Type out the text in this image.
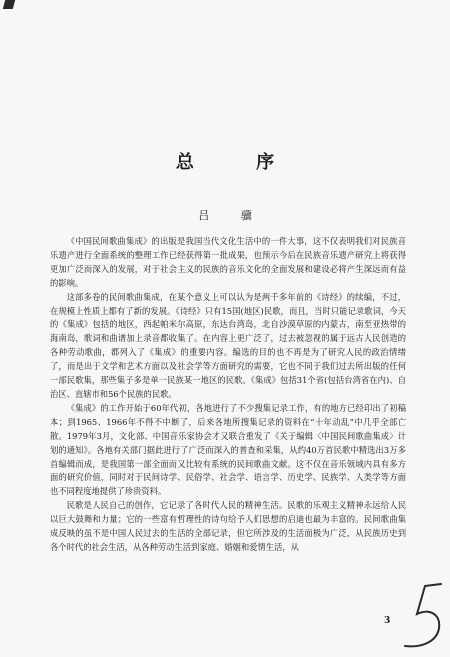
总 序
吕 骥

《中国民间歌曲集成》的出版是我国当代文化生活中的一件大事，这不仅表明我们对民族音乐遗产进行全面系统的整理工作已经获得第一批成果，也预示今后在民族音乐遗产研究上将获得更加广泛而深入的发展，对于社会主义的民族的音乐文化的全面发展和建设必将产生深远而有益的影响。

这部多卷的民间歌曲集成，在某个意义上可以认为是两千多年前的《诗经》的续编，不过，在规模上性质上都有了新的发展。《诗经》只有15国(地区)民歌，而且，当时只能记录歌词，今天的《集成》包括的地区，西起帕米尔高原，东达台湾岛，北自沙漠草原的内蒙古，南至亚热带的海南岛，歌词和曲谱加上录音都收集了。在内容上更广泛了，过去被忽视的属于远古人民创造的各种劳动歌曲，都列入了《集成》的重要内容。编选的目的也不再是为了研究人民的政治情绪了，而是出于文学和艺术方面以及社会学等方面研究的需要，它也不同于我们过去所出版的任何一部民歌集，那些集子多是单一民族某一地区的民歌。《集成》包括31个省(包括台湾省在内)、自治区、直辖市和56个民族的民歌。

《集成》的工作开始于60年代初，各地进行了不少搜集记录工作，有的地方已经印出了初稿本；到1965、1966年不得不中断了，后来各地所搜集记录的资料在“十年动乱”中几乎全部亡散。1979年3月，文化部、中国音乐家协会才又联合重发了《关于编辑〈中国民间歌曲集成〉计划的通知》。各地有关部门据此进行了广泛而深入的普查和采集，从约40万首民歌中精选出3万多首编辑而成，是我国第一部全面而又比较有系统的民间歌曲文献。这不仅在音乐领域内具有多方面的研究价值，同时对于民间诗学、民俗学、社会学、语言学、历史学、民族学、人类学等方面也不同程度地提供了珍贵资料。

民歌是人民自己的创作，它记录了各时代人民的精神生活。民歌的乐观主义精神永远给人民以巨大鼓舞和力量；它的一些富有哲理性的诗句给予人们思想的启迪也最为丰富的。民间歌曲集成反映的虽不是中国人民过去的生活的全部记录，但它所涉及的生活面极为广泛，从民族历史到各个时代的社会生活，从各种劳动生活到家庭、婚姻和爱情生活，从

3
